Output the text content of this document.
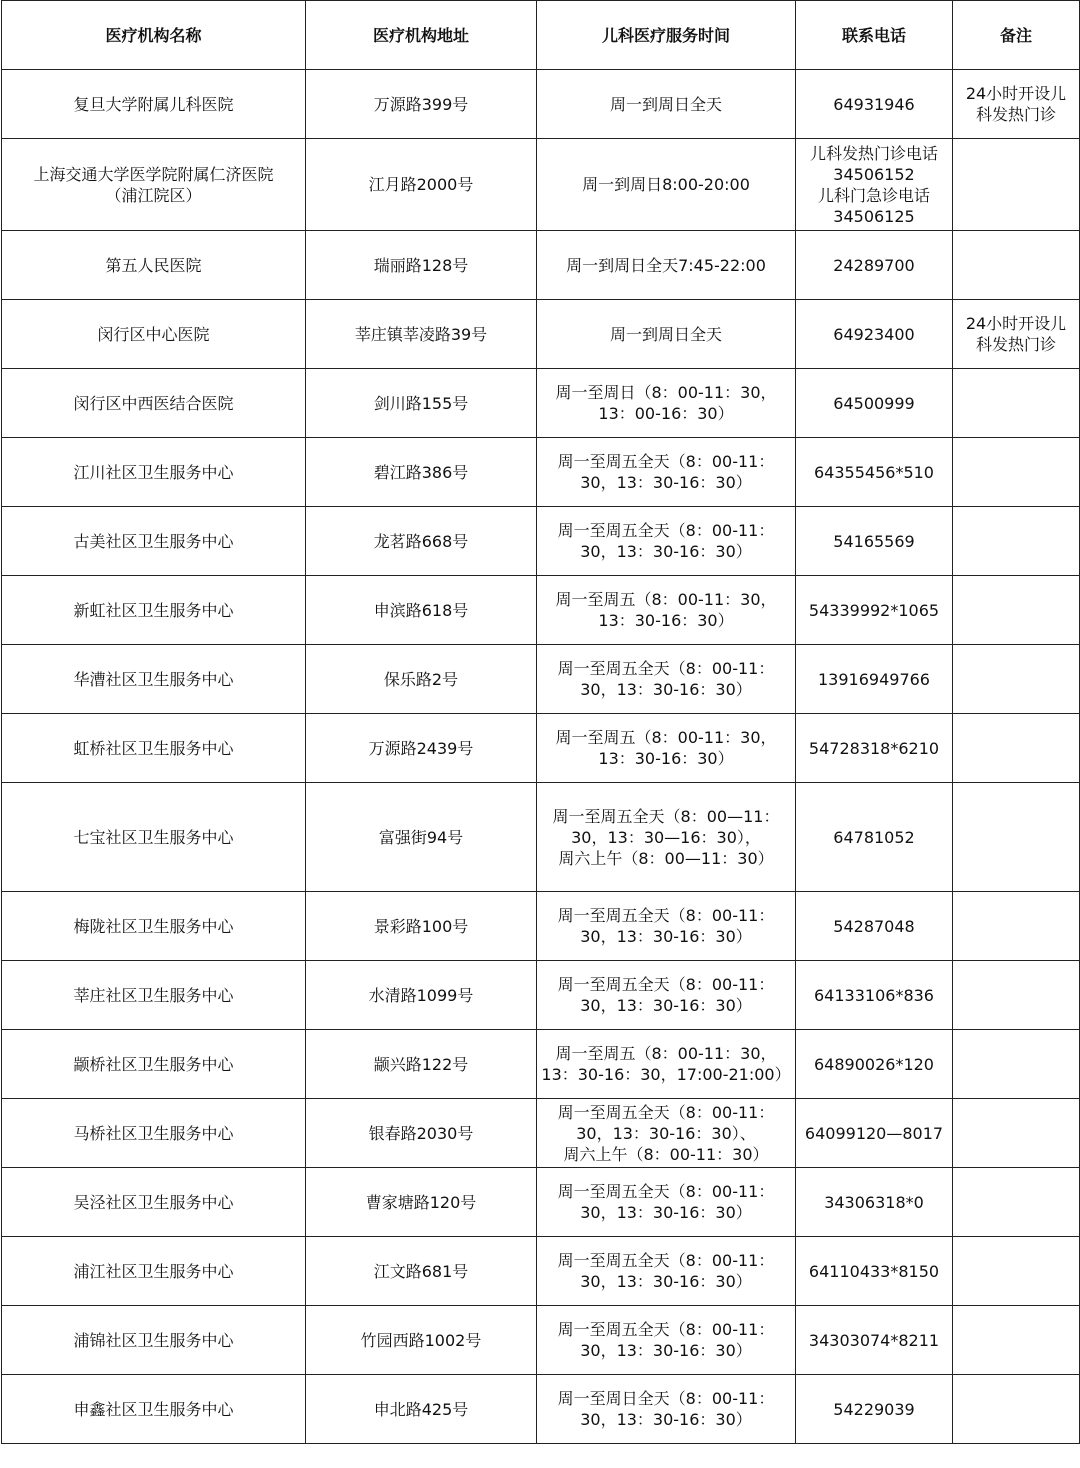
医疗机构名称	医疗机构地址	儿科医疗服务时间	联系电话	备注
复旦大学附属儿科医院	万源路399号	周一到周日全天	64931946	24小时开设儿
科发热门诊
上海交通大学医学院附属仁济医院
（浦江院区）	江月路2000号	周一到周日8:00-20:00	儿科发热门诊电话
34506152
儿科门急诊电话
34506125	
第五人民医院	瑞丽路128号	周一到周日全天7:45-22:00	24289700	
闵行区中心医院	莘庄镇莘凌路39号	周一到周日全天	64923400	24小时开设儿
科发热门诊
闵行区中西医结合医院	剑川路155号	周一至周日（8：00-11：30，
13：00-16：30）	64500999	
江川社区卫生服务中心	碧江路386号	周一至周五全天（8：00-11：
30，13：30-16：30）	64355456*510	
古美社区卫生服务中心	龙茗路668号	周一至周五全天（8：00-11：
30，13：30-16：30）	54165569	
新虹社区卫生服务中心	申滨路618号	周一至周五（8：00-11：30，
13：30-16：30）	54339992*1065	
华漕社区卫生服务中心	保乐路2号	周一至周五全天（8：00-11：
30，13：30-16：30）	13916949766	
虹桥社区卫生服务中心	万源路2439号	周一至周五（8：00-11：30，
13：30-16：30）	54728318*6210	
七宝社区卫生服务中心	富强街94号	周一至周五全天（8：00—11：
30，13：30—16：30），
周六上午（8：00—11：30）	64781052	
梅陇社区卫生服务中心	景彩路100号	周一至周五全天（8：00-11：
30，13：30-16：30）	54287048	
莘庄社区卫生服务中心	水清路1099号	周一至周五全天（8：00-11：
30，13：30-16：30）	64133106*836	
颛桥社区卫生服务中心	颛兴路122号	周一至周五（8：00-11：30，
13：30-16：30，17:00-21:00）	64890026*120	
马桥社区卫生服务中心	银春路2030号	周一至周五全天（8：00-11：
30，13：30-16：30）、
周六上午（8：00-11：30）	64099120—8017	
吴泾社区卫生服务中心	曹家塘路120号	周一至周五全天（8：00-11：
30，13：30-16：30）	34306318*0	
浦江社区卫生服务中心	江文路681号	周一至周五全天（8：00-11：
30，13：30-16：30）	64110433*8150	
浦锦社区卫生服务中心	竹园西路1002号	周一至周五全天（8：00-11：
30，13：30-16：30）	34303074*8211	
申鑫社区卫生服务中心	申北路425号	周一至周日全天（8：00-11：
30，13：30-16：30）	54229039	
